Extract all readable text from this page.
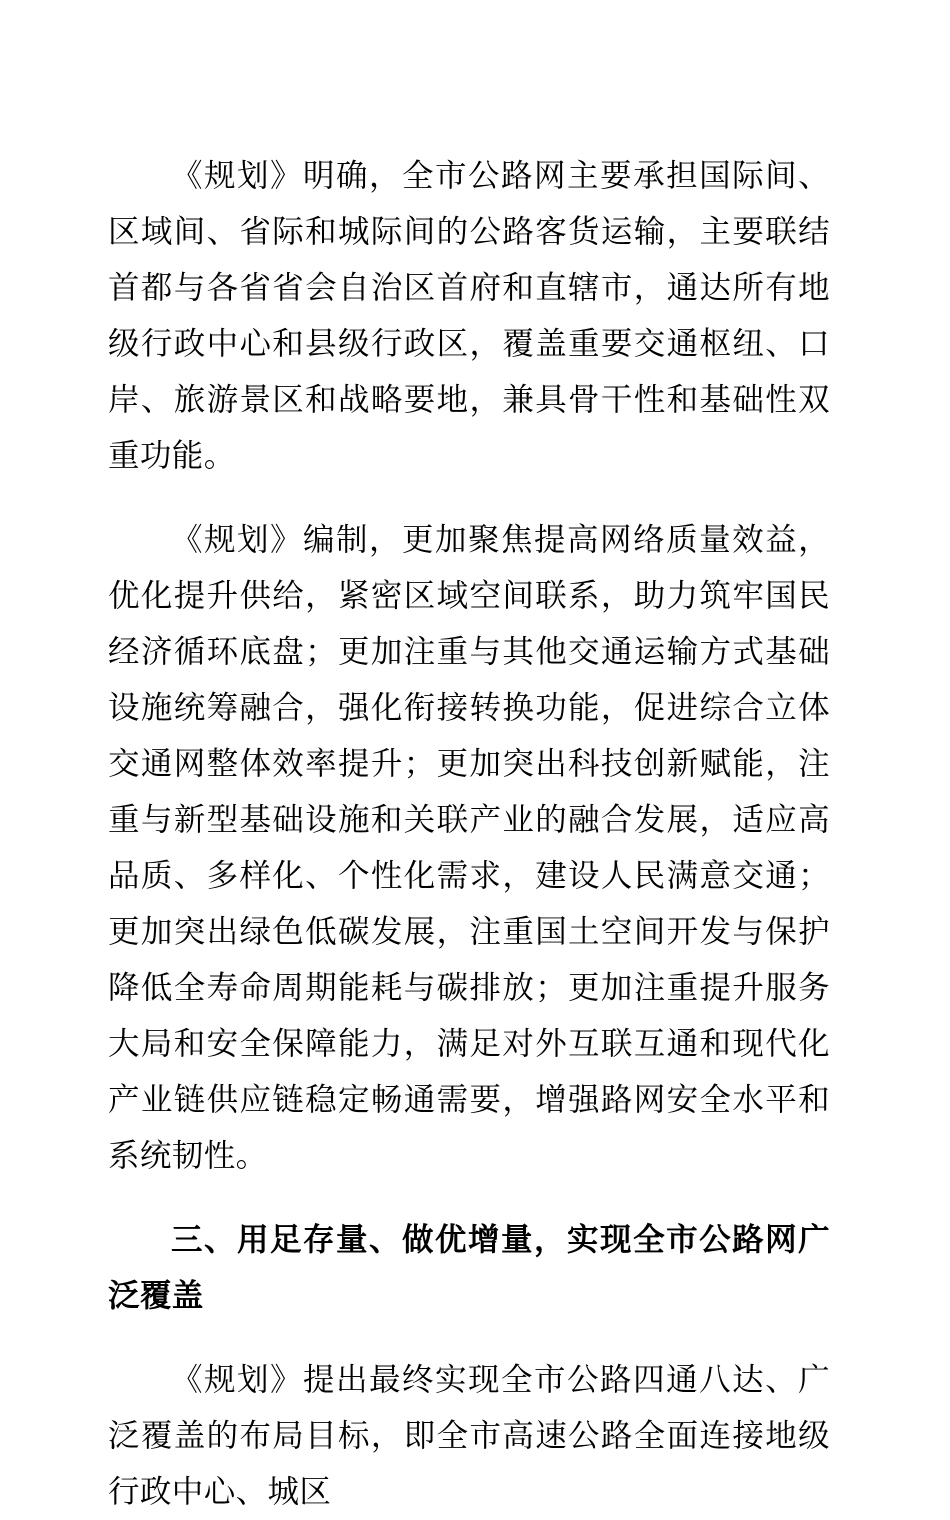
《规划》明确，全市公路网主要承担国际间、区域间、省际和城际间的公路客货运输，主要联结首都与各省省会自治区首府和直辖市，通达所有地级行政中心和县级行政区，覆盖重要交通枢纽、口岸、旅游景区和战略要地，兼具骨干性和基础性双重功能。

《规划》编制，更加聚焦提高网络质量效益，优化提升供给，紧密区域空间联系，助力筑牢国民经济循环底盘；更加注重与其他交通运输方式基础设施统筹融合，强化衔接转换功能，促进综合立体交通网整体效率提升；更加突出科技创新赋能，注重与新型基础设施和关联产业的融合发展，适应高品质、多样化、个性化需求，建设人民满意交通；更加突出绿色低碳发展，注重国土空间开发与保护降低全寿命周期能耗与碳排放；更加注重提升服务大局和安全保障能力，满足对外互联互通和现代化产业链供应链稳定畅通需要，增强路网安全水平和系统韧性。

三、用足存量、做优增量，实现全市公路网广泛覆盖

《规划》提出最终实现全市公路四通八达、广泛覆盖的布局目标，即全市高速公路全面连接地级行政中心、城区
